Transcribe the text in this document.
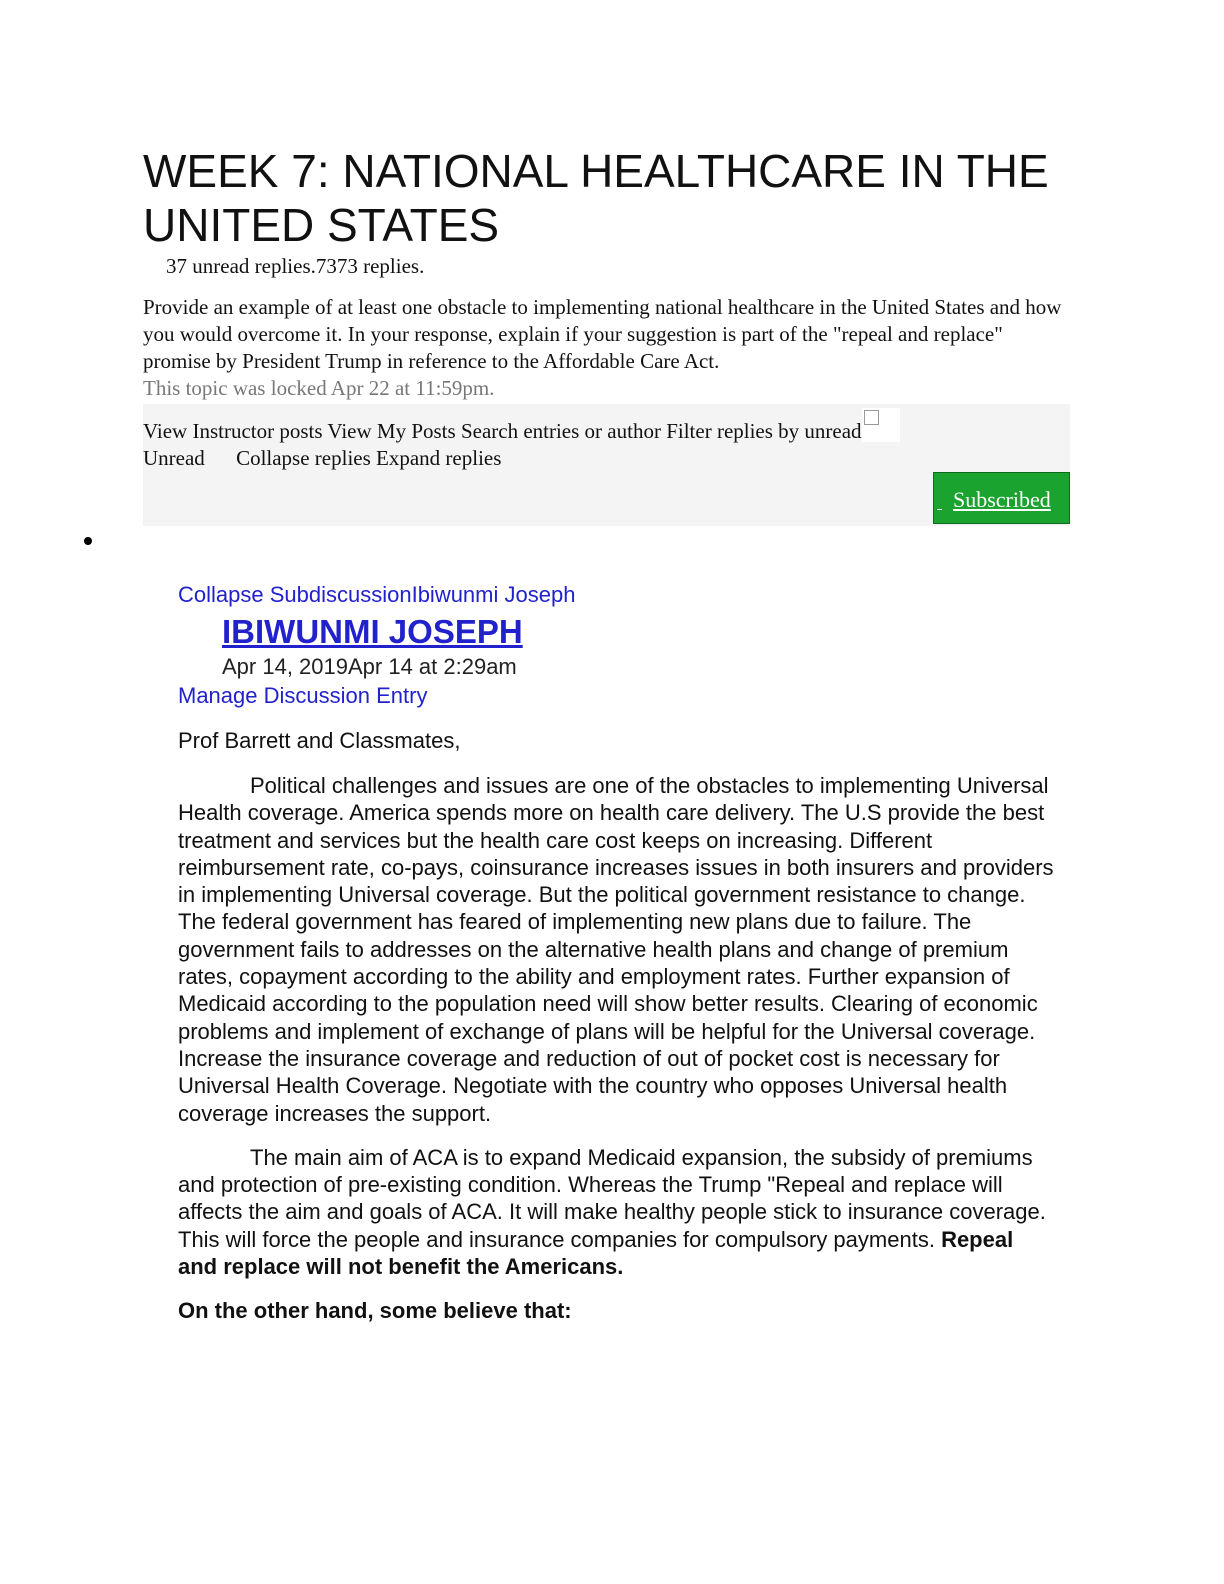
WEEK 7: NATIONAL HEALTHCARE IN THE UNITED STATES
37 unread replies.7373 replies.
Provide an example of at least one obstacle to implementing national healthcare in the United States and how you would overcome it. In your response, explain if your suggestion is part of the "repeal and replace" promise by President Trump in reference to the Affordable Care Act.
This topic was locked Apr 22 at 11:59pm.
View Instructor posts View My Posts Search entries or author Filter replies by unread
Unread Collapse replies Expand replies
Subscribed
Collapse SubdiscussionIbiwunmi Joseph
IBIWUNMI JOSEPH
Apr 14, 2019Apr 14 at 2:29am
Manage Discussion Entry
Prof Barrett and Classmates,
Political challenges and issues are one of the obstacles to implementing Universal Health coverage. America spends more on health care delivery. The U.S provide the best treatment and services but the health care cost keeps on increasing. Different reimbursement rate, co-pays, coinsurance increases issues in both insurers and providers in implementing Universal coverage. But the political government resistance to change. The federal government has feared of implementing new plans due to failure. The government fails to addresses on the alternative health plans and change of premium rates, copayment according to the ability and employment rates. Further expansion of Medicaid according to the population need will show better results. Clearing of economic problems and implement of exchange of plans will be helpful for the Universal coverage. Increase the insurance coverage and reduction of out of pocket cost is necessary for Universal Health Coverage. Negotiate with the country who opposes Universal health coverage increases the support.
The main aim of ACA is to expand Medicaid expansion, the subsidy of premiums and protection of pre-existing condition. Whereas the Trump "Repeal and replace will affects the aim and goals of ACA. It will make healthy people stick to insurance coverage. This will force the people and insurance companies for compulsory payments. Repeal and replace will not benefit the Americans.
On the other hand, some believe that:
